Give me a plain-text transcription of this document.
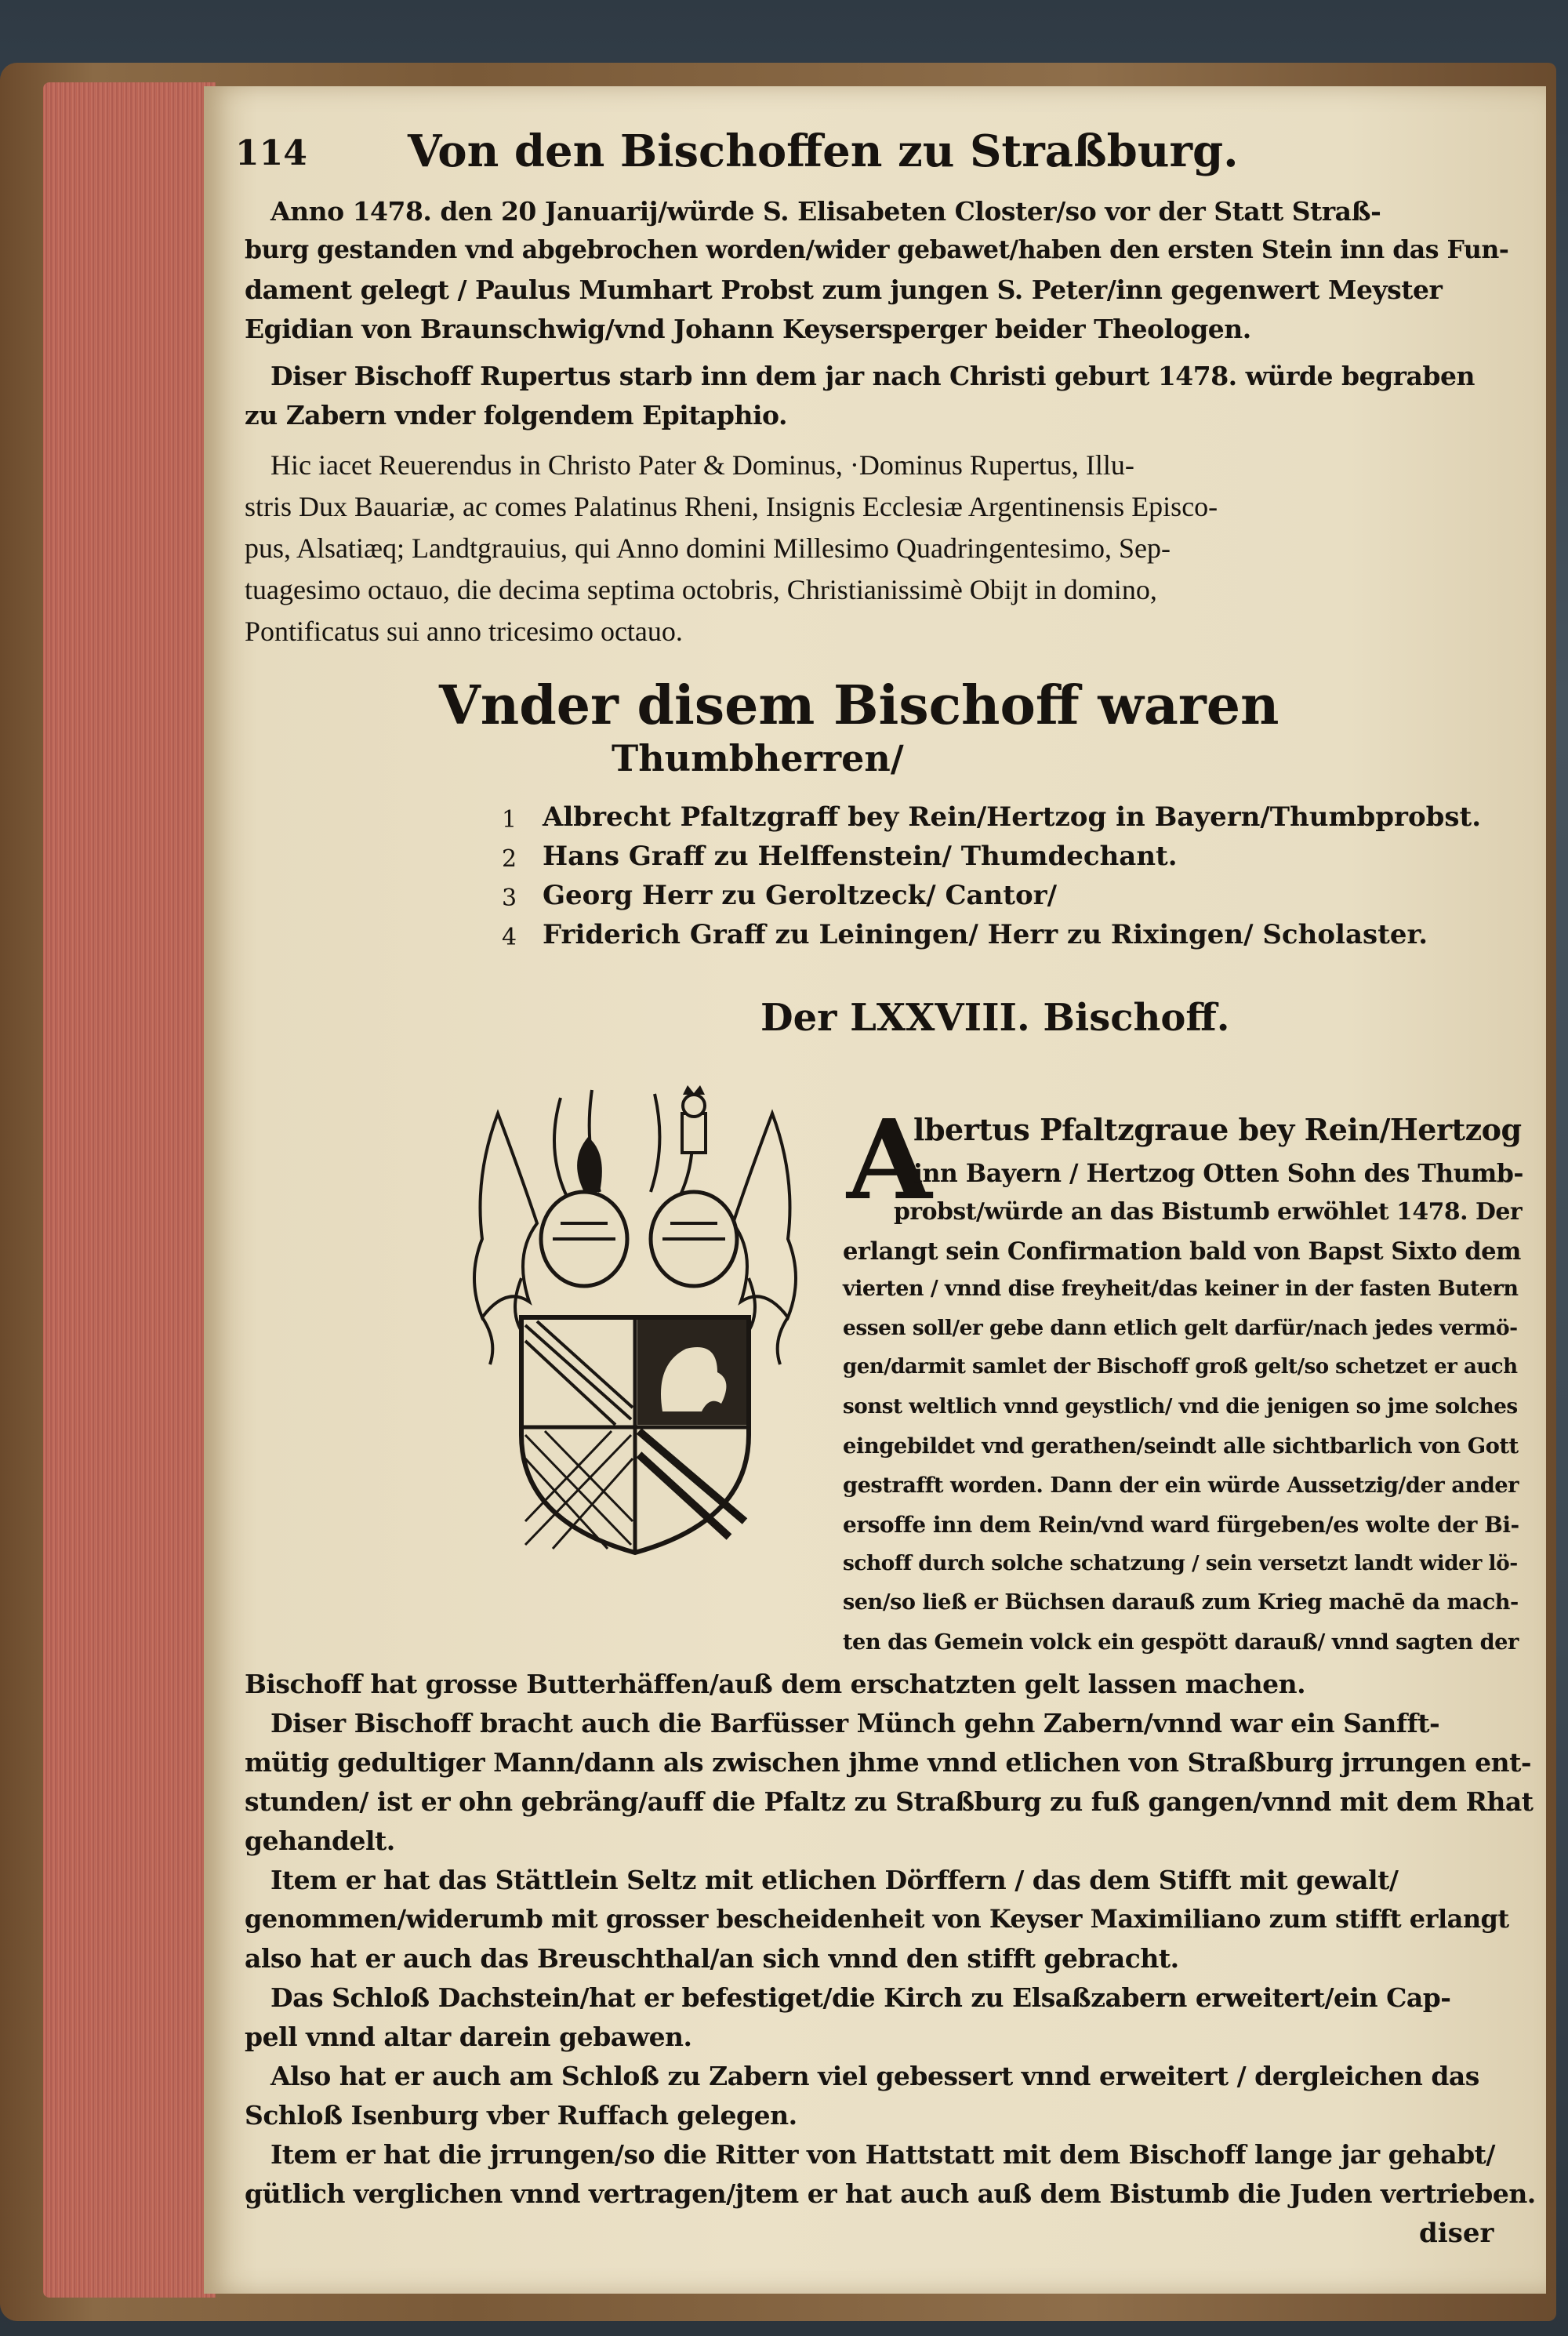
114 Von den Bischoffen zu Straßburg.
Anno 1478. den 20 Januarij/würde S. Elisabeten Closter/so vor der Statt Straß-
burg gestanden vnd abgebrochen worden/wider gebawet/haben den ersten Stein inn das Fun-
dament gelegt / Paulus Mumhart Probst zum jungen S. Peter/inn gegenwert Meyster
Egidian von Braunschwig/vnd Johann Keysersperger beider Theologen.
Diser Bischoff Rupertus starb inn dem jar nach Christi geburt 1478. würde begraben
zu Zabern vnder folgendem Epitaphio.
Hic iacet Reuerendus in Christo Pater & Dominus, ·Dominus Rupertus, Illu-
stris Dux Bauariæ, ac comes Palatinus Rheni, Insignis Ecclesiæ Argentinensis Episco-
pus, Alsatiæq; Landtgrauius, qui Anno domini Millesimo Quadringentesimo, Sep-
tuagesimo octauo, die decima septima octobris, Christianissimè Obijt in domino,
Pontificatus sui anno tricesimo octauo.
Vnder disem Bischoff waren
Thumbherren/
1 Albrecht Pfaltzgraff bey Rein/Hertzog in Bayern/Thumbprobst.
2 Hans Graff zu Helffenstein/ Thumdechant.
3 Georg Herr zu Geroltzeck/ Cantor/
4 Friderich Graff zu Leiningen/ Herr zu Rixingen/ Scholaster.
Der LXXVIII. Bischoff.
A
lbertus Pfaltzgraue bey Rein/Hertzog
inn Bayern / Hertzog Otten Sohn des Thumb-
probst/würde an das Bistumb erwöhlet 1478. Der
erlangt sein Confirmation bald von Bapst Sixto dem
vierten / vnnd dise freyheit/das keiner in der fasten Butern
essen soll/er gebe dann etlich gelt darfür/nach jedes vermö-
gen/darmit samlet der Bischoff groß gelt/so schetzet er auch
sonst weltlich vnnd geystlich/ vnd die jenigen so jme solches
eingebildet vnd gerathen/seindt alle sichtbarlich von Gott
gestrafft worden. Dann der ein würde Aussetzig/der ander
ersoffe inn dem Rein/vnd ward fürgeben/es wolte der Bi-
schoff durch solche schatzung / sein versetzt landt wider lö-
sen/so ließ er Büchsen darauß zum Krieg machē da mach-
ten das Gemein volck ein gespött darauß/ vnnd sagten der
Bischoff hat grosse Butterhäffen/auß dem erschatzten gelt lassen machen.
Diser Bischoff bracht auch die Barfüsser Münch gehn Zabern/vnnd war ein Sanfft-
mütig gedultiger Mann/dann als zwischen jhme vnnd etlichen von Straßburg jrrungen ent-
stunden/ ist er ohn gebräng/auff die Pfaltz zu Straßburg zu fuß gangen/vnnd mit dem Rhat
gehandelt.
Item er hat das Stättlein Seltz mit etlichen Dörffern / das dem Stifft mit gewalt/
genommen/widerumb mit grosser bescheidenheit von Keyser Maximiliano zum stifft erlangt
also hat er auch das Breuschthal/an sich vnnd den stifft gebracht.
Das Schloß Dachstein/hat er befestiget/die Kirch zu Elsaßzabern erweitert/ein Cap-
pell vnnd altar darein gebawen.
Also hat er auch am Schloß zu Zabern viel gebessert vnnd erweitert / dergleichen das
Schloß Isenburg vber Ruffach gelegen.
Item er hat die jrrungen/so die Ritter von Hattstatt mit dem Bischoff lange jar gehabt/
gütlich verglichen vnnd vertragen/jtem er hat auch auß dem Bistumb die Juden vertrieben.
diser
